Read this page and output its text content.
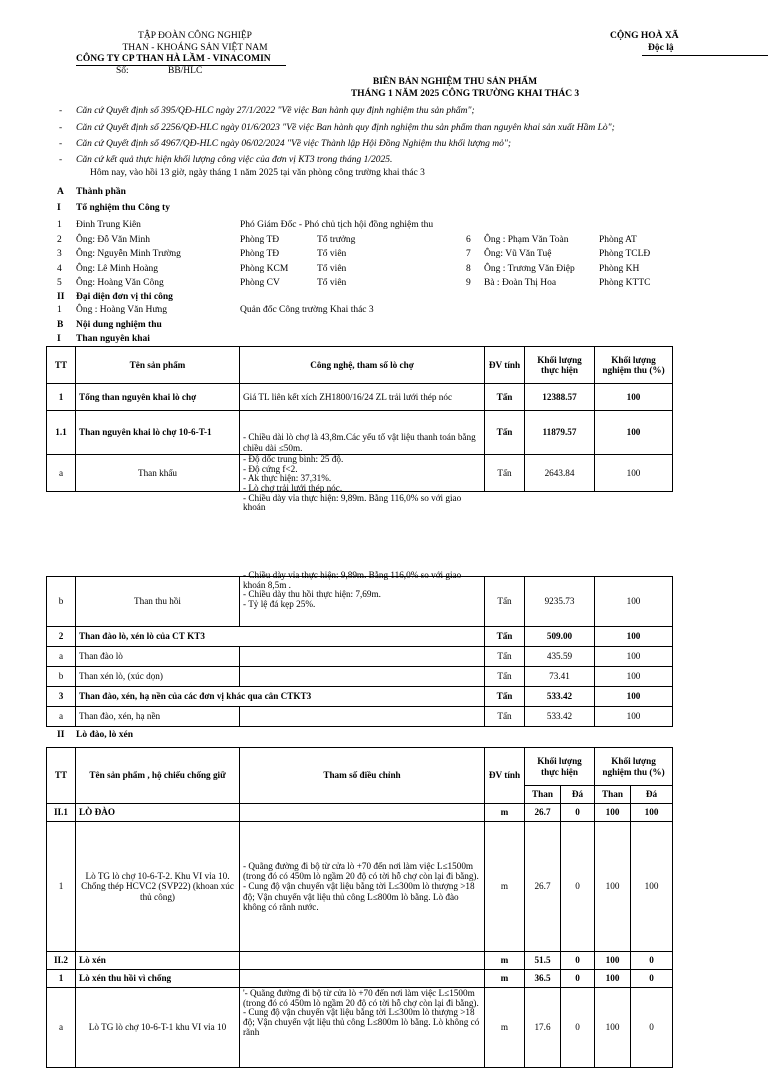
TẬP ĐOÀN CÔNG NGHIỆP
THAN - KHOÁNG SẢN VIỆT NAM
CÔNG TY CP THAN HÀ LẦM - VINACOMIN
Số:	BB/HLC
CỘNG HOÀ XÃ
Độc lậ
BIÊN BẢN NGHIỆM THU SẢN PHẨM
THÁNG 1 NĂM 2025 CÔNG TRƯỜNG KHAI THÁC 3
- Căn cứ Quyết định số 395/QĐ-HLC ngày 27/1/2022 "Về việc Ban hành quy định nghiệm thu sản phẩm";
- Căn cứ Quyết định số 2256/QĐ-HLC ngày 01/6/2023 "Về việc Ban hành quy định nghiệm thu sản phẩm than nguyên khai sản xuất Hầm Lò";
- Căn cứ Quyết định số 4967/QĐ-HLC ngày 06/02/2024 "Về việc Thành lập Hội Đồng Nghiệm thu khối lượng mỏ";
- Căn cứ kết quả thực hiện khối lượng công việc của đơn vị KT3 trong tháng 1/2025.
Hôm nay, vào hồi 13 giờ, ngày tháng 1 năm 2025 tại văn phòng công trường khai thác 3
A Thành phần
I Tổ nghiệm thu Công ty
1 Đinh Trung Kiên	Phó Giám Đốc - Phó chủ tịch hội đồng nghiệm thu
2 Ông: Đỗ Văn Minh	Phòng TĐ	Tổ trưởng
3 Ông: Nguyễn Minh Trường	Phòng TĐ	Tổ viên
4 Ông: Lê Minh Hoàng	Phòng KCM	Tổ viên
5 Ông: Hoàng Văn Công	Phòng CV	Tổ viên
6 Ông : Phạm Văn Toàn	Phòng AT
7 Ông: Vũ Văn Tuệ	Phòng TCLĐ
8 Ông : Trương Văn Điệp	Phòng KH
9 Bà : Đoàn Thị Hoa	Phòng KTTC
II Đại diện đơn vị thi công
1 Ông : Hoàng Văn Hưng	Quản đốc Công trường Khai thác 3
B Nội dung nghiệm thu
I Than nguyên khai
TT	Tên sản phẩm	Công nghệ, tham số lò chợ	ĐV tính	Khối lượng thực hiện	Khối lượng nghiệm thu (%)
1	Tổng than nguyên khai lò chợ	Giá TL liên kết xích ZH1800/16/24 ZL trải lưới thép nóc	Tấn	12388.57	100
1.1	Than nguyên khai lò chợ 10-6-T-1	- Chiều dài lò chợ là 43,8m.Các yếu tố vật liệu thanh toán bằng chiều dài ≤50m.	Tấn	11879.57	100
a	Than khấu	- Độ dốc trung bình: 25 độ.
- Độ cứng f<2.
- Ak thực hiện: 37,31%.
- Lò chợ trải lưới thép nóc.
- Chiều dày vỉa thực hiện: 9,89m. Bằng 116,0% so với giao khoán	Tấn	2643.84	100
b	Than thu hồi	- Chiều dày vỉa thực hiện: 9,89m. Bằng 116,0% so với giao khoán 8,5m .
- Chiều dày thu hồi thực hiện: 7,69m.
- Tỷ lệ đá kẹp 25%.	Tấn	9235.73	100
2	Than đào lò, xén lò của CT KT3		Tấn	509.00	100
a	Than đào lò		Tấn	435.59	100
b	Than xén lò, (xúc dọn)		Tấn	73.41	100
3	Than đào, xén, hạ nền của các đơn vị khác qua cân CTKT3		Tấn	533.42	100
a	Than đào, xén, hạ nền		Tấn	533.42	100
II Lò đào, lò xén
TT	Tên sản phẩm , hộ chiếu chống giữ	Tham số điều chỉnh	ĐV tính	Khối lượng thực hiện		Khối lượng nghiệm thu (%)	
				Than	Đá	Than	Đá
II.1	LÒ ĐÀO		m	26.7	0	100	100
1	Lò TG lò chợ 10-6-T-2. Khu VI vỉa 10. Chống thép HCVC2 (SVP22) (khoan xúc thủ công)	- Quãng đường đi bộ từ cửa lò +70 đến nơi làm việc L≤1500m (trong đó có 450m lò ngầm 20 độ có tời hỗ chợ còn lại đi bằng).
- Cung độ vận chuyển vật liệu bằng tời L≤300m lò thượng >18 độ; Vận chuyển vật liệu thủ công L≤800m lò bằng. Lò đào không có rãnh nước.	m	26.7	0	100	100
II.2	Lò xén		m	51.5	0	100	0
1	Lò xén thu hồi vì chống		m	36.5	0	100	0
a	Lò TG lò chợ 10-6-T-1 khu VI vỉa 10	'- Quãng đường đi bộ từ cửa lò +70 đến nơi làm việc L≤1500m (trong đó có 450m lò ngầm 20 độ có tời hỗ chợ còn lại đi bằng).
- Cung độ vận chuyển vật liệu bằng tời L≤300m lò thượng >18 độ; Vận chuyển vật liệu thủ công L≤800m lò bằng. Lò không có rãnh	m	17.6	0	100	0
